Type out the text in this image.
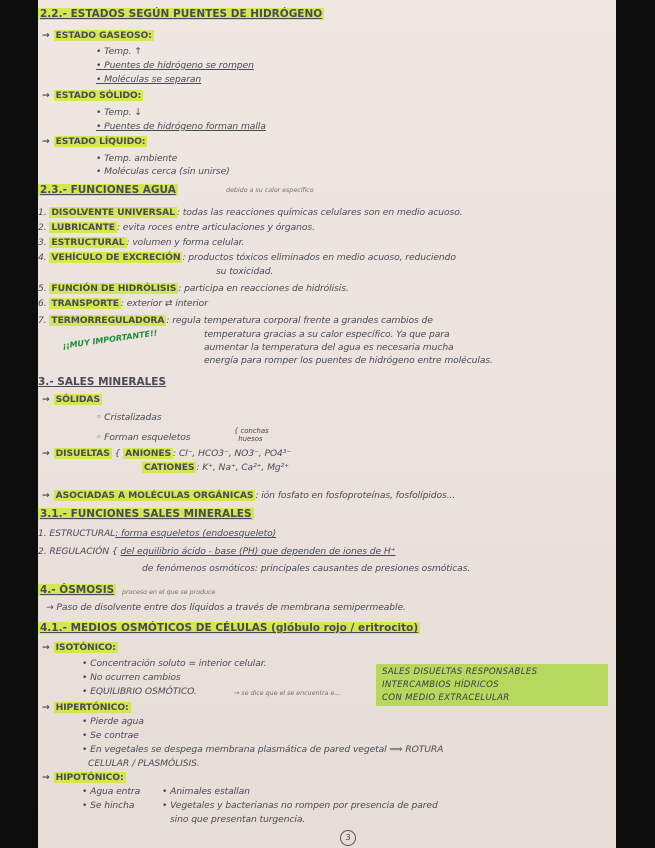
2.2.- ESTADOS SEGÚN PUENTES DE HIDRÓGENO
→ ESTADO GASEOSO:
• Temp. ↑
• Puentes de hidrógeno se rompen
• Moléculas se separan
→ ESTADO SÓLIDO:
• Temp. ↓
• Puentes de hidrógeno forman malla
→ ESTADO LÍQUIDO:
• Temp. ambiente
• Moléculas cerca (sin unirse)
2.3.- FUNCIONES AGUA	debido a su calor específico
1. DISOLVENTE UNIVERSAL : todas las reacciones químicas celulares son en medio acuoso.
2. LUBRICANTE : evita roces entre articulaciones y órganos.
3. ESTRUCTURAL : volumen y forma celular.
4. VEHÍCULO DE EXCRECIÓN : productos tóxicos eliminados en medio acuoso, reduciendo
su toxicidad.
5. FUNCIÓN DE HIDRÓLISIS : participa en reacciones de hidrólisis.
6. TRANSPORTE : exterior ⇄ interior
7. TERMORREGULADORA : regula temperatura corporal frente a grandes cambios de
temperatura gracias a su calor específico. Ya que para
aumentar la temperatura del agua es necesaria mucha
energía para romper los puentes de hidrógeno entre moléculas.
¡¡MUY IMPORTANTE!!
3.- SALES MINERALES
→ SÓLIDAS
◦ Cristalizadas
◦ Forman esqueletos
{ conchas
huesos
→ DISUELTAS { ANIONES : Cl⁻, HCO3⁻, NO3⁻, PO4³⁻
CATIONES : K⁺, Na⁺, Ca²⁺, Mg²⁺
→ ASOCIADAS A MOLÉCULAS ORGÁNICAS : ión fosfato en fosfoproteínas, fosfolípidos...
3.1.- FUNCIONES SALES MINERALES
1. ESTRUCTURAL: forma esqueletos (endoesqueleto)
2. REGULACIÓN { del equilibrio ácido - base (PH) que dependen de iones de H⁺
de fenómenos osmóticos: principales causantes de presiones osmóticas.
4.- ÓSMOSIS	proceso en el que se produce
→ Paso de disolvente entre dos líquidos a través de membrana semipermeable.
4.1.- MEDIOS OSMÓTICOS DE CÉLULAS (glóbulo rojo / eritrocito)
→ ISOTÓNICO:
• Concentración soluto = interior celular.
• No ocurren cambios
• EQUILIBRIO OSMÓTICO.	→ se dice que el se encuentra e...
→ HIPERTÓNICO:
• Pierde agua
• Se contrae
• En vegetales se despega membrana plasmática de pared vegetal ⟹ ROTURA
CELULAR / PLASMÓLISIS.
→ HIPOTÓNICO:
• Agua entra
• Se hincha
• Animales estallan
• Vegetales y bacterianas no rompen por presencia de pared
sino que presentan turgencia.
SALES DISUELTAS RESPONSABLES
INTERCAMBIOS HÍDRICOS
CON MEDIO EXTRACELULAR
3
